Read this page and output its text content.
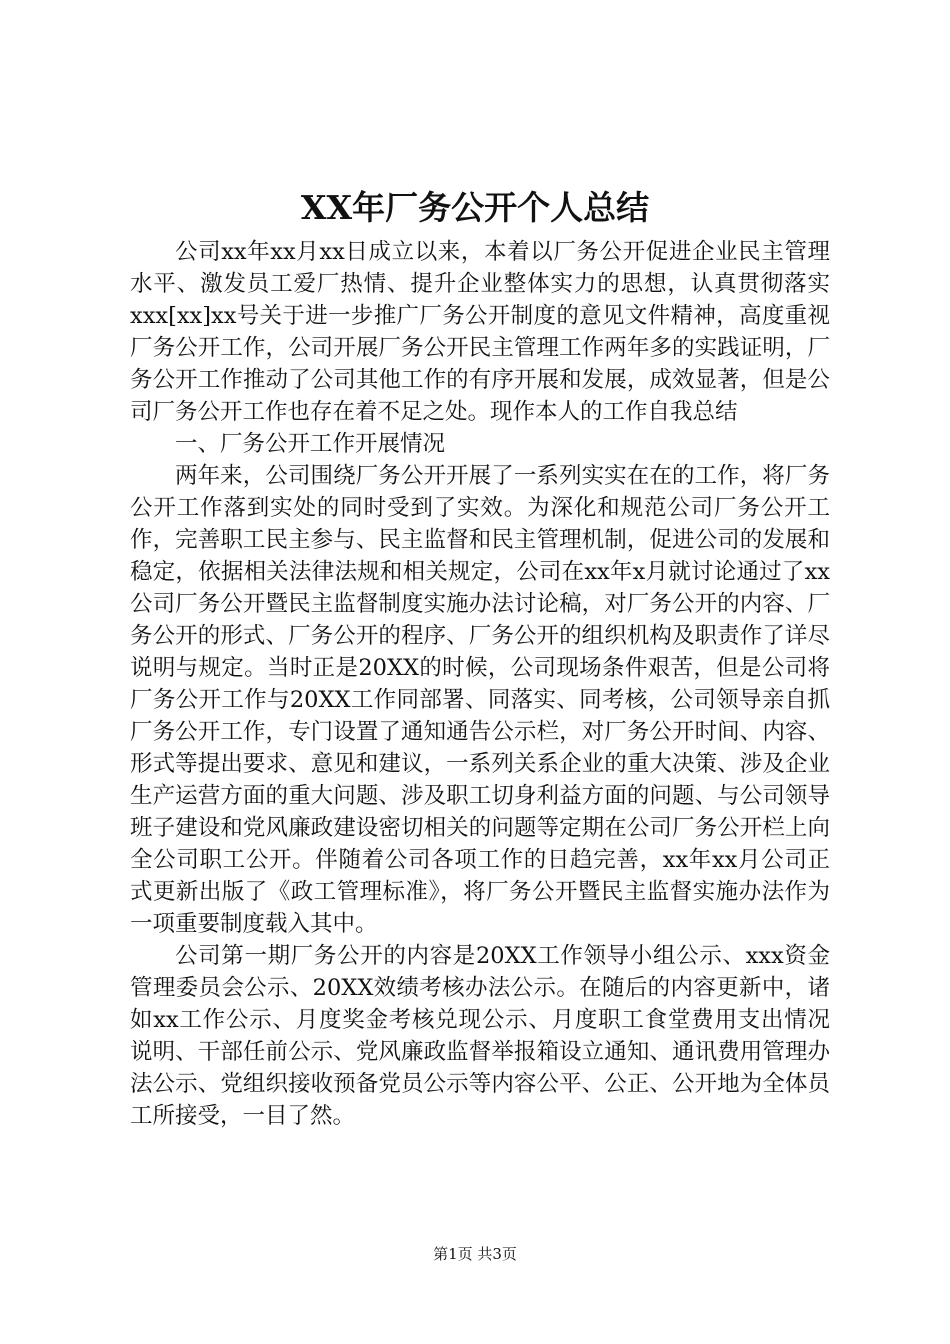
XX年厂务公开个人总结

公司xx年xx月xx日成立以来，本着以厂务公开促进企业民主管理水平、激发员工爱厂热情、提升企业整体实力的思想，认真贯彻落实xxx[xx]xx号关于进一步推广厂务公开制度的意见文件精神，高度重视厂务公开工作，公司开展厂务公开民主管理工作两年多的实践证明，厂务公开工作推动了公司其他工作的有序开展和发展，成效显著，但是公司厂务公开工作也存在着不足之处。现作本人的工作自我总结

一、厂务公开工作开展情况

两年来，公司围绕厂务公开开展了一系列实实在在的工作，将厂务公开工作落到实处的同时受到了实效。为深化和规范公司厂务公开工作，完善职工民主参与、民主监督和民主管理机制，促进公司的发展和稳定，依据相关法律法规和相关规定，公司在xx年x月就讨论通过了xx公司厂务公开暨民主监督制度实施办法讨论稿，对厂务公开的内容、厂务公开的形式、厂务公开的程序、厂务公开的组织机构及职责作了详尽说明与规定。当时正是20XX的时候，公司现场条件艰苦，但是公司将厂务公开工作与20XX工作同部署、同落实、同考核，公司领导亲自抓厂务公开工作，专门设置了通知通告公示栏，对厂务公开时间、内容、形式等提出要求、意见和建议，一系列关系企业的重大决策、涉及企业生产运营方面的重大问题、涉及职工切身利益方面的问题、与公司领导班子建设和党风廉政建设密切相关的问题等定期在公司厂务公开栏上向全公司职工公开。伴随着公司各项工作的日趋完善，xx年xx月公司正式更新出版了《政工管理标准》，将厂务公开暨民主监督实施办法作为一项重要制度载入其中。

公司第一期厂务公开的内容是20XX工作领导小组公示、xxx资金管理委员会公示、20XX效绩考核办法公示。在随后的内容更新中，诸如xx工作公示、月度奖金考核兑现公示、月度职工食堂费用支出情况说明、干部任前公示、党风廉政监督举报箱设立通知、通讯费用管理办法公示、党组织接收预备党员公示等内容公平、公正、公开地为全体员工所接受，一目了然。

第1页 共3页
